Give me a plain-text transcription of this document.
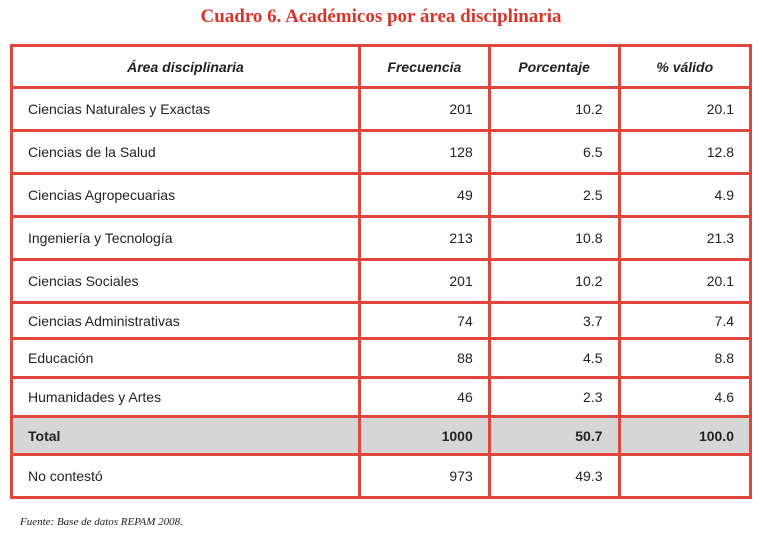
Cuadro 6. Académicos por área disciplinaria
Área disciplinaria	Frecuencia	Porcentaje	% válido
Ciencias Naturales y Exactas	201	10.2	20.1
Ciencias de la Salud	128	6.5	12.8
Ciencias Agropecuarias	49	2.5	4.9
Ingeniería y Tecnología	213	10.8	21.3
Ciencias Sociales	201	10.2	20.1
Ciencias Administrativas	74	3.7	7.4
Educación	88	4.5	8.8
Humanidades y Artes	46	2.3	4.6
Total	1000	50.7	100.0
No contestó	973	49.3	
Fuente: Base de datos REPAM 2008.
